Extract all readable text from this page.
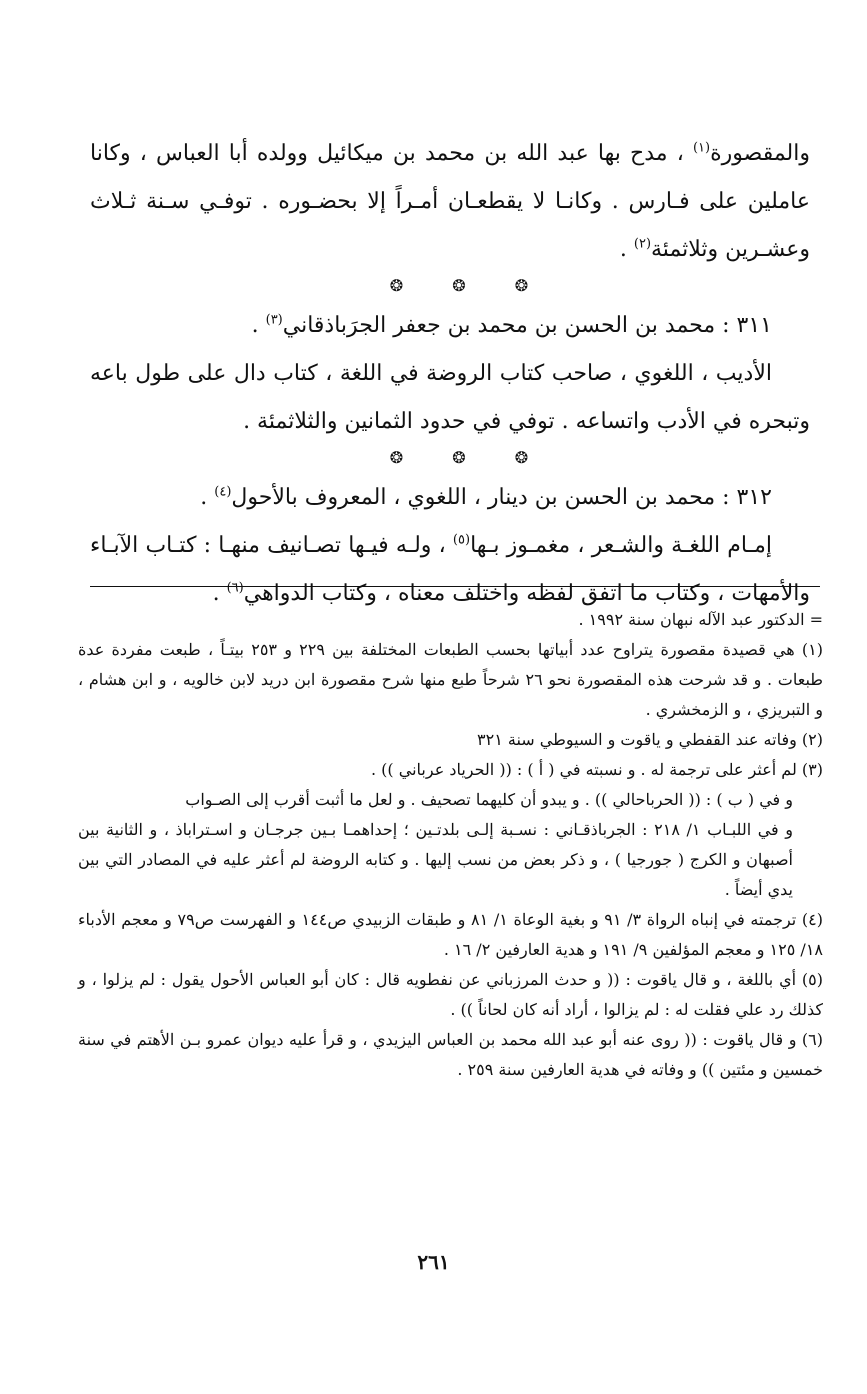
والمقصورة$^{(١)}$ ، مدح بها عبد الله بن محمد بن ميكائيل وولده أبا العباس ، وكانا عاملين على فـارس . وكانـا لا يقطعـان أمـراً إلا بحضـوره . توفـي سـنة ثـلاث وعشـرين وثلاثمئة$^{(٢)}$ .

❂ ❂ ❂

٣١١ : محمد بن الحسن بن محمد بن جعفر الجرَباذقاني$^{(٣)}$ .

الأديب ، اللغوي ، صاحب كتاب الروضة في اللغة ، كتاب دال على طول باعه وتبحره في الأدب واتساعه . توفي في حدود الثمانين والثلاثمئة .

❂ ❂ ❂

٣١٢ : محمد بن الحسن بن دينار ، اللغوي ، المعروف بالأحول$^{(٤)}$ .

إمـام اللغـة والشـعر ، مغمـوز بـها$^{(٥)}$ ، ولـه فيـها تصـانيف منهـا : كتـاب الآبـاء والأمهات ، وكتاب ما اتفق لفظه واختلف معناه ، وكتاب الدواهي$^{(٦)}$ .

= الدكتور عبد الآله نبهان سنة ١٩٩٢ .

(١) هي قصيدة مقصورة يتراوح عدد أبياتها بحسب الطبعات المختلفة بين ٢٢٩ و ٢٥٣ بيتـاً ، طبعت مفردة عدة طبعات . و قد شرحت هذه المقصورة نحو ٢٦ شرحاً طبع منها شرح مقصورة ابن دريد لابن خالويه ، و ابن هشام ، و التبريزي ، و الزمخشري .

(٢) وفاته عند القفطي و ياقوت و السيوطي سنة ٣٢١

(٣) لم أعثر على ترجمة له . و نسبته في ( أ ) : (( الحرياد عرباني )) .

و في ( ب ) : (( الحرباحالي )) . و يبدو أن كليهما تصحيف . و لعل ما أثبت أقرب إلى الصـواب

و في اللبـاب ١/ ٢١٨ : الجرباذقـاني : نسـبة إلـى بلدتـين ؛ إحداهمـا بـين جرجـان و اسـتراباذ ، و الثانية بين أصبهان و الكرج ( جورجيا ) ، و ذكر بعض من نسب إليها . و كتابه الروضة لم أعثر عليه في المصادر التي بين يدي أيضاً .

(٤) ترجمته في إنباه الرواة ٣/ ٩١ و بغية الوعاة ١/ ٨١ و طبقات الزبيدي ص١٤٤ و الفهرست ص٧٩ و معجم الأدباء ١٨/ ١٢٥ و معجم المؤلفين ٩/ ١٩١ و هدية العارفين ٢/ ١٦ .

(٥) أي باللغة ، و قال ياقوت : (( و حدث المرزباني عن نفطويه قال : كان أبو العباس الأحول يقول : لم يزلوا ، و كذلك رد علي فقلت له : لم يزالوا ، أراد أنه كان لحاناً )) .

(٦) و قال ياقوت : (( روى عنه أبو عبد الله محمد بن العباس اليزيدي ، و قرأ عليه ديوان عمرو بـن الأهتم في سنة خمسين و مئتين )) و وفاته في هدية العارفين سنة ٢٥٩ .

٢٦١
